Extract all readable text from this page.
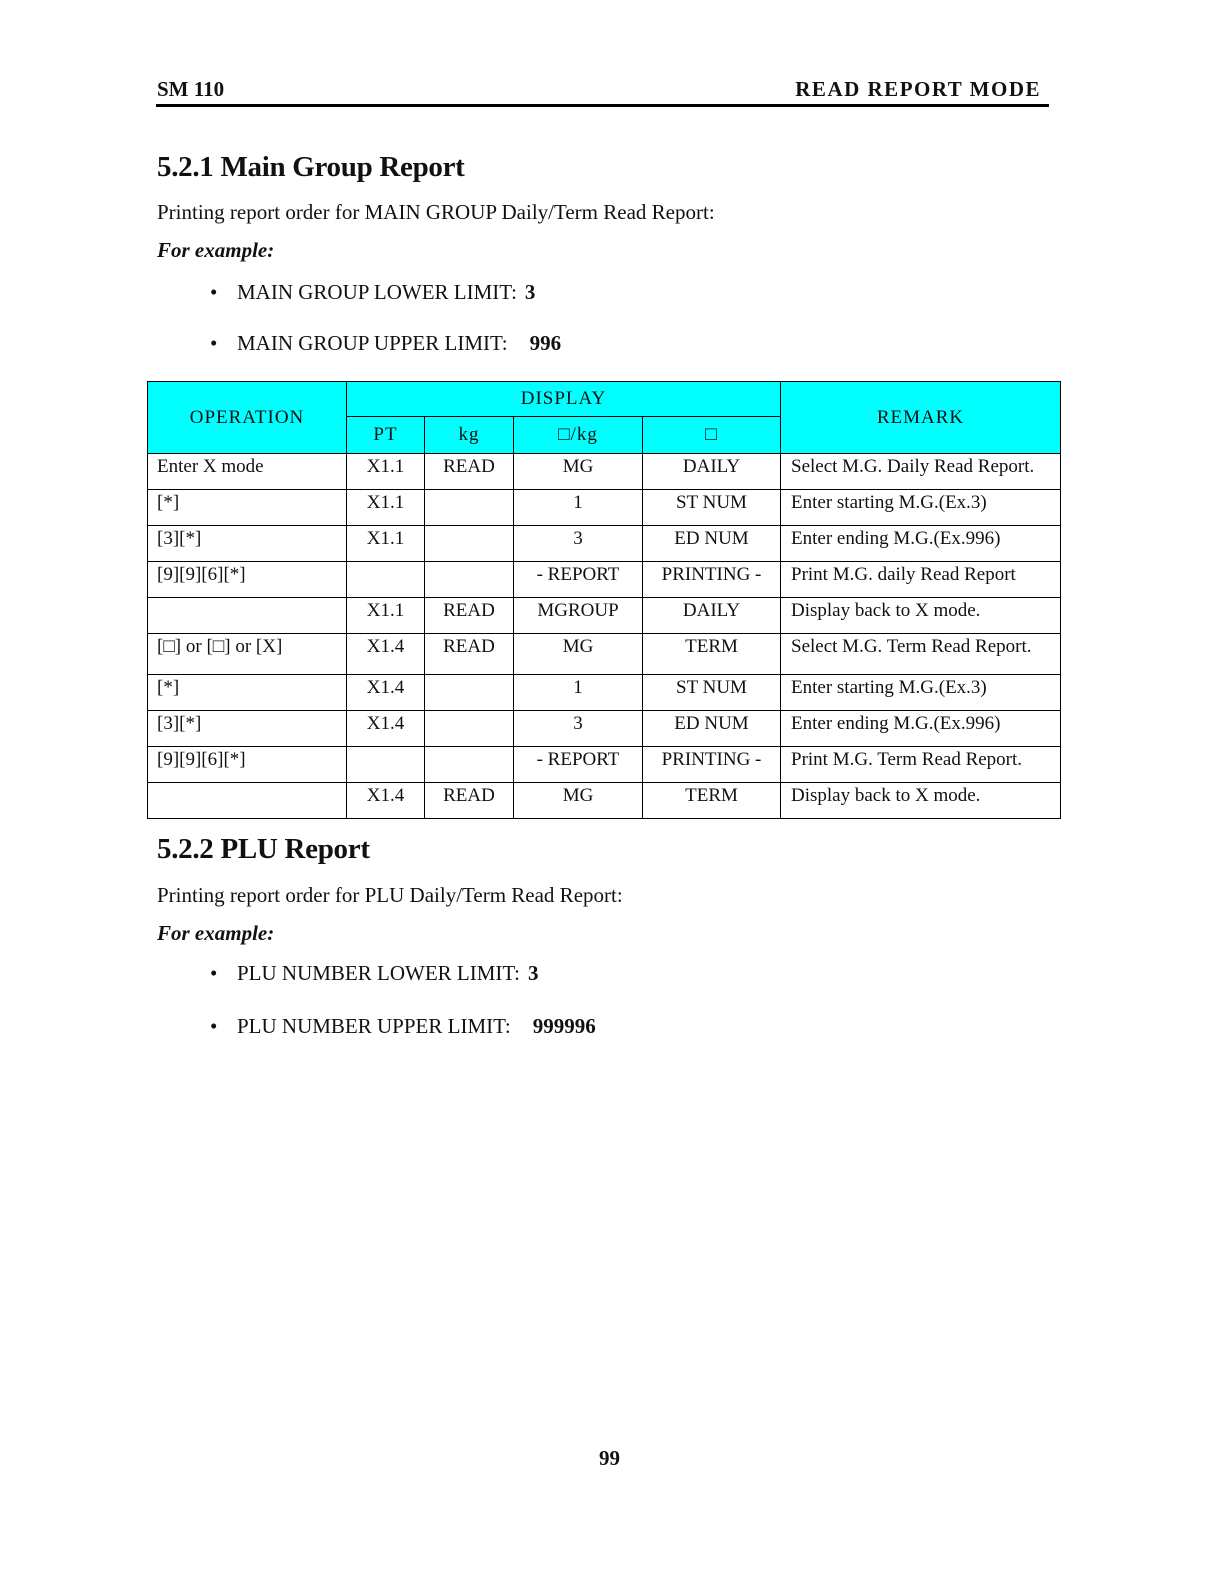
SM 110	READ REPORT MODE
5.2.1 Main Group Report
Printing report order for MAIN GROUP Daily/Term Read Report:
For example:
• MAIN GROUP LOWER LIMIT: 3
• MAIN GROUP UPPER LIMIT: 996
OPERATION	DISPLAY				REMARK
	PT	kg	□/kg	□	
Enter X mode	X1.1	READ	MG	DAILY	Select M.G. Daily Read Report.
[*]	X1.1		1	ST NUM	Enter starting M.G.(Ex.3)
[3][*]	X1.1		3	ED NUM	Enter ending M.G.(Ex.996)
[9][9][6][*]			- REPORT	PRINTING -	Print M.G. daily Read Report
	X1.1	READ	MGROUP	DAILY	Display back to X mode.
[□] or [□] or [X]	X1.4	READ	MG	TERM	Select M.G. Term Read Report.
[*]	X1.4		1	ST NUM	Enter starting M.G.(Ex.3)
[3][*]	X1.4		3	ED NUM	Enter ending M.G.(Ex.996)
[9][9][6][*]			- REPORT	PRINTING -	Print M.G. Term Read Report.
	X1.4	READ	MG	TERM	Display back to X mode.
5.2.2 PLU Report
Printing report order for PLU Daily/Term Read Report:
For example:
• PLU NUMBER LOWER LIMIT: 3
• PLU NUMBER UPPER LIMIT: 999996
99
